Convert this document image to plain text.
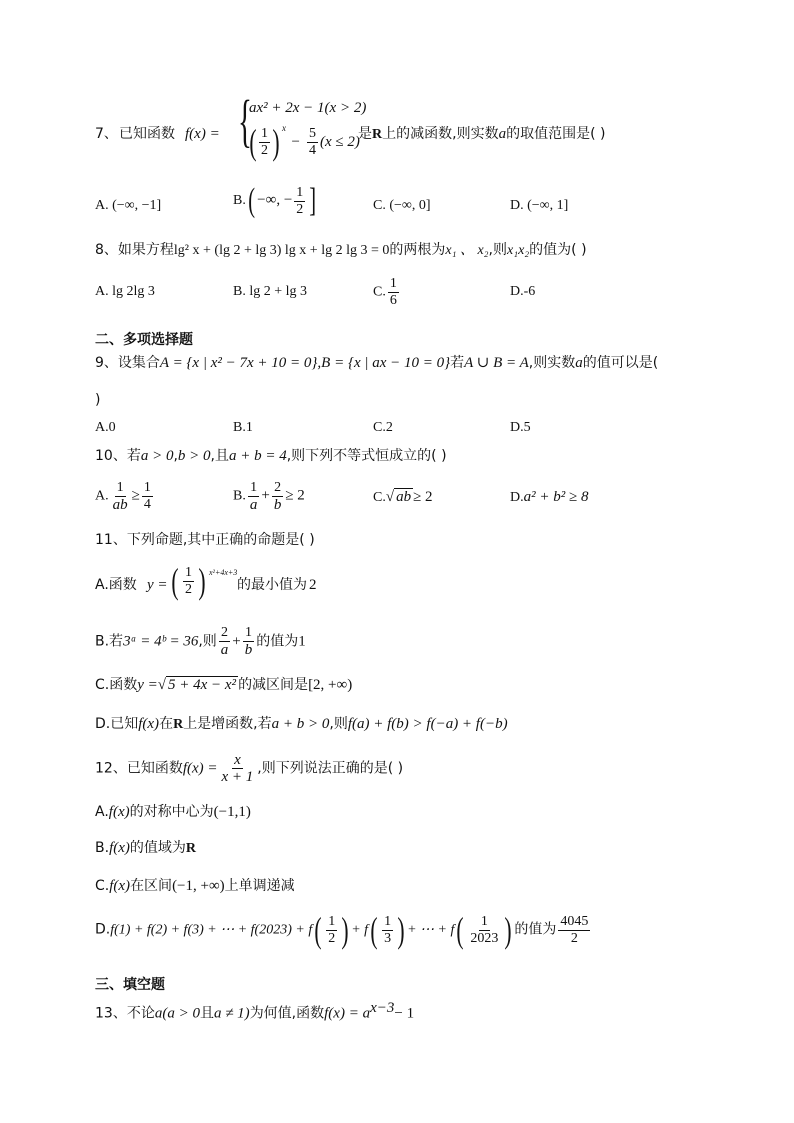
7、 已知函数 f(x) = {
ax² + 2x − 1(x > 2)
( $\frac{1}{2}$ ) $x - \frac{5}{4} (x \le 2)$
是R上的减函数,则实数a的取值范围是( )
A. (−∞, −1]	B.( −∞, − $\frac{1}{2}$ ]	C. (−∞, 0]	D. (−∞, 1]
8、如果方程lg² x + (lg 2 + lg 3) lg x + lg 2 lg 3 = 0的两根为x₁ 、 x₂,则x₁x₂的值为( )
A. lg 2lg 3	B. lg 2 + lg 3	C. $\frac{1}{6}$	D.-6
二、多项选择题
9、设集合A = {x | x² − 7x + 10 = 0},B = {x | ax − 10 = 0}若A ∪ B = A,则实数a的值可以是(
)
A.0	B.1	C.2	D.5
10、若a > 0,b > 0,且a + b = 4,则下列不等式恒成立的( )
A. $\frac{1}{ab} \ge \frac{1}{4}$	B. $\frac{1}{a} + \frac{2}{b} \ge 2$	C.√ ab ≥ 2	D.a² + b² ≥ 8
11、下列命题,其中正确的命题是( )
A.函数 y = ( $\frac{1}{2}$ ) x²+4x+3
的最小值为 2
B.若3ᵃ = 4ᵇ = 36,则 $\frac{2}{a} + \frac{1}{b}$ 的值为1
C.函数y =√ 5 + 4x − x² 的减区间是[2, +∞)
D.已知f(x)在R上是增函数,若a + b > 0,则f(a) + f(b) > f(−a) + f(−b)
12、已知函数$f(x) = \frac{x}{x + 1}$ ,则下列说法正确的是( )
A.f(x)的对称中心为(−1,1)
B.f(x)的值域为R
C.f(x)在区间(−1, +∞)上单调递减
D.f(1) + f(2) + f(3) + ⋯ + $f(2023) + f( \frac{1}{2}$ ) + $f( \frac{1}{3}$ ) + ⋯ + $f( \frac{1}{2023}$ ) 的值为 $\frac{4045}{2}$
三、填空题
13、不论a(a > 0且a ≠ 1)为何值,函数$f(x) = a^{x-3}- 1$
